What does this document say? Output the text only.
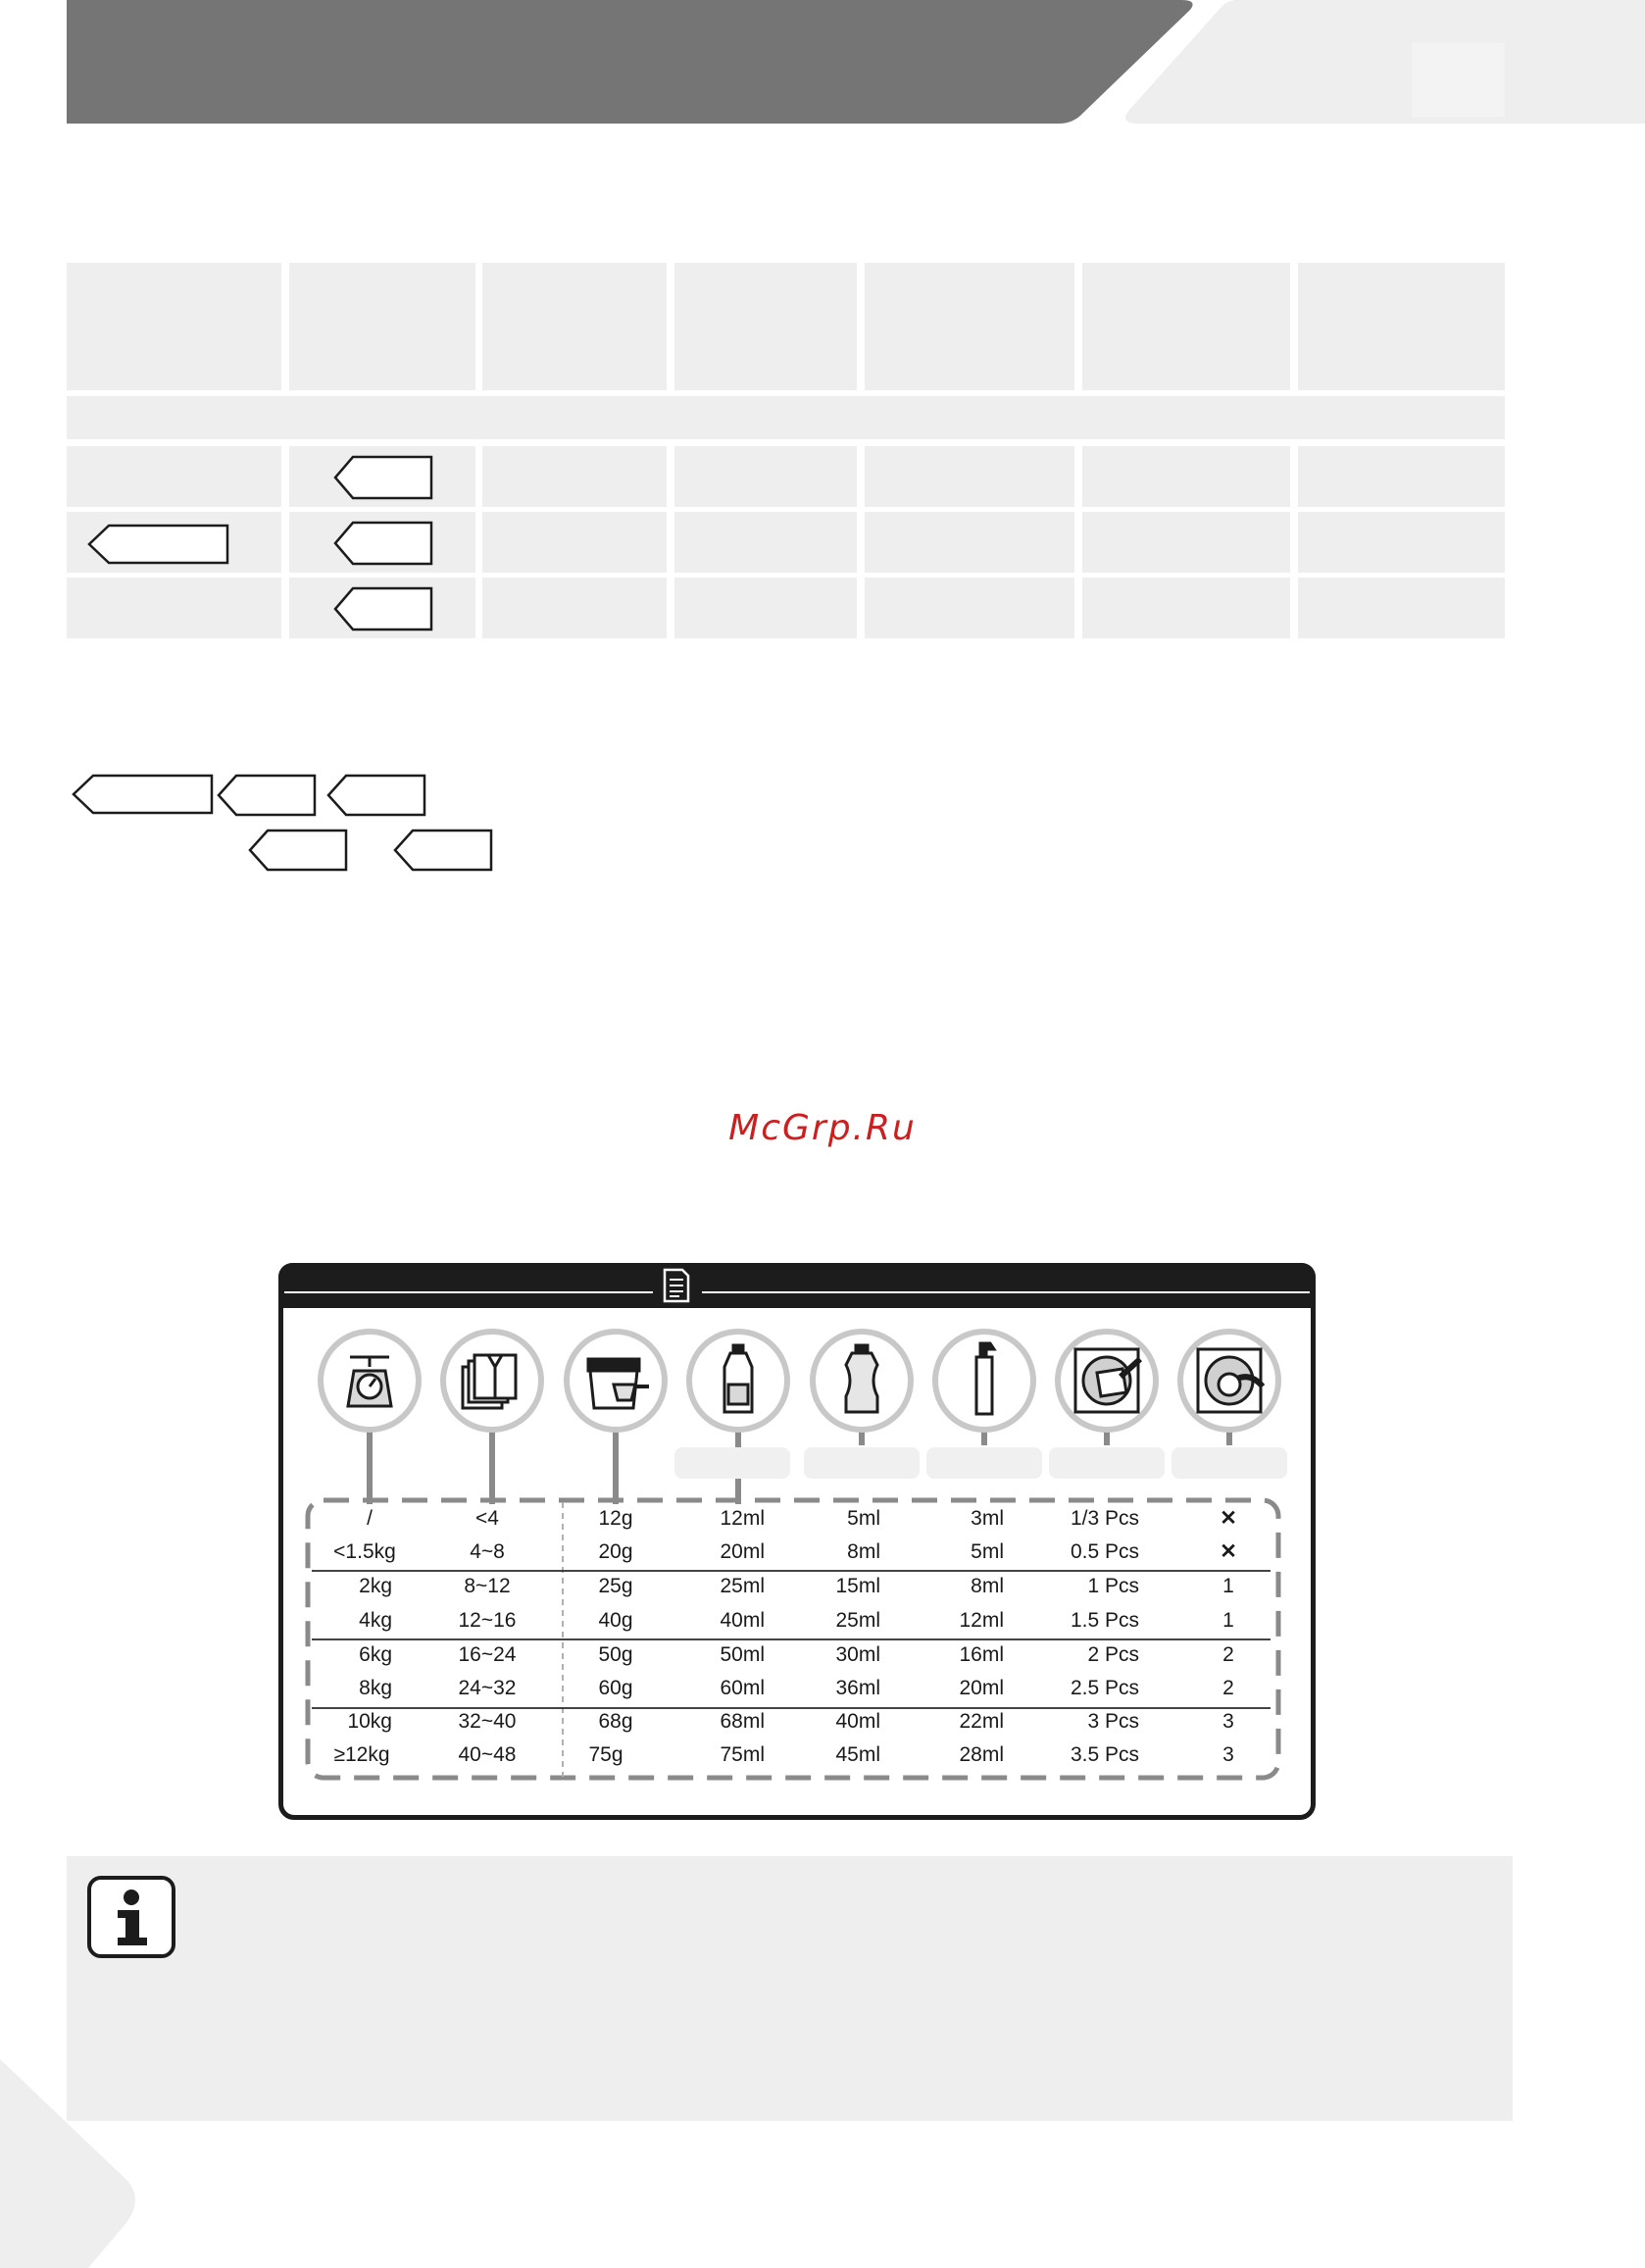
McGrp.Ru
/	<4	12g	12ml	5ml	3ml	1/3 Pcs	✕
<1.5kg	4~8	20g	20ml	8ml	5ml	0.5 Pcs	✕
2kg	8~12	25g	25ml	15ml	8ml	1 Pcs	1
4kg	12~16	40g	40ml	25ml	12ml	1.5 Pcs	1
6kg	16~24	50g	50ml	30ml	16ml	2 Pcs	2
8kg	24~32	60g	60ml	36ml	20ml	2.5 Pcs	2
10kg	32~40	68g	68ml	40ml	22ml	3 Pcs	3
≥12kg	40~48	75g	75ml	45ml	28ml	3.5 Pcs	3
